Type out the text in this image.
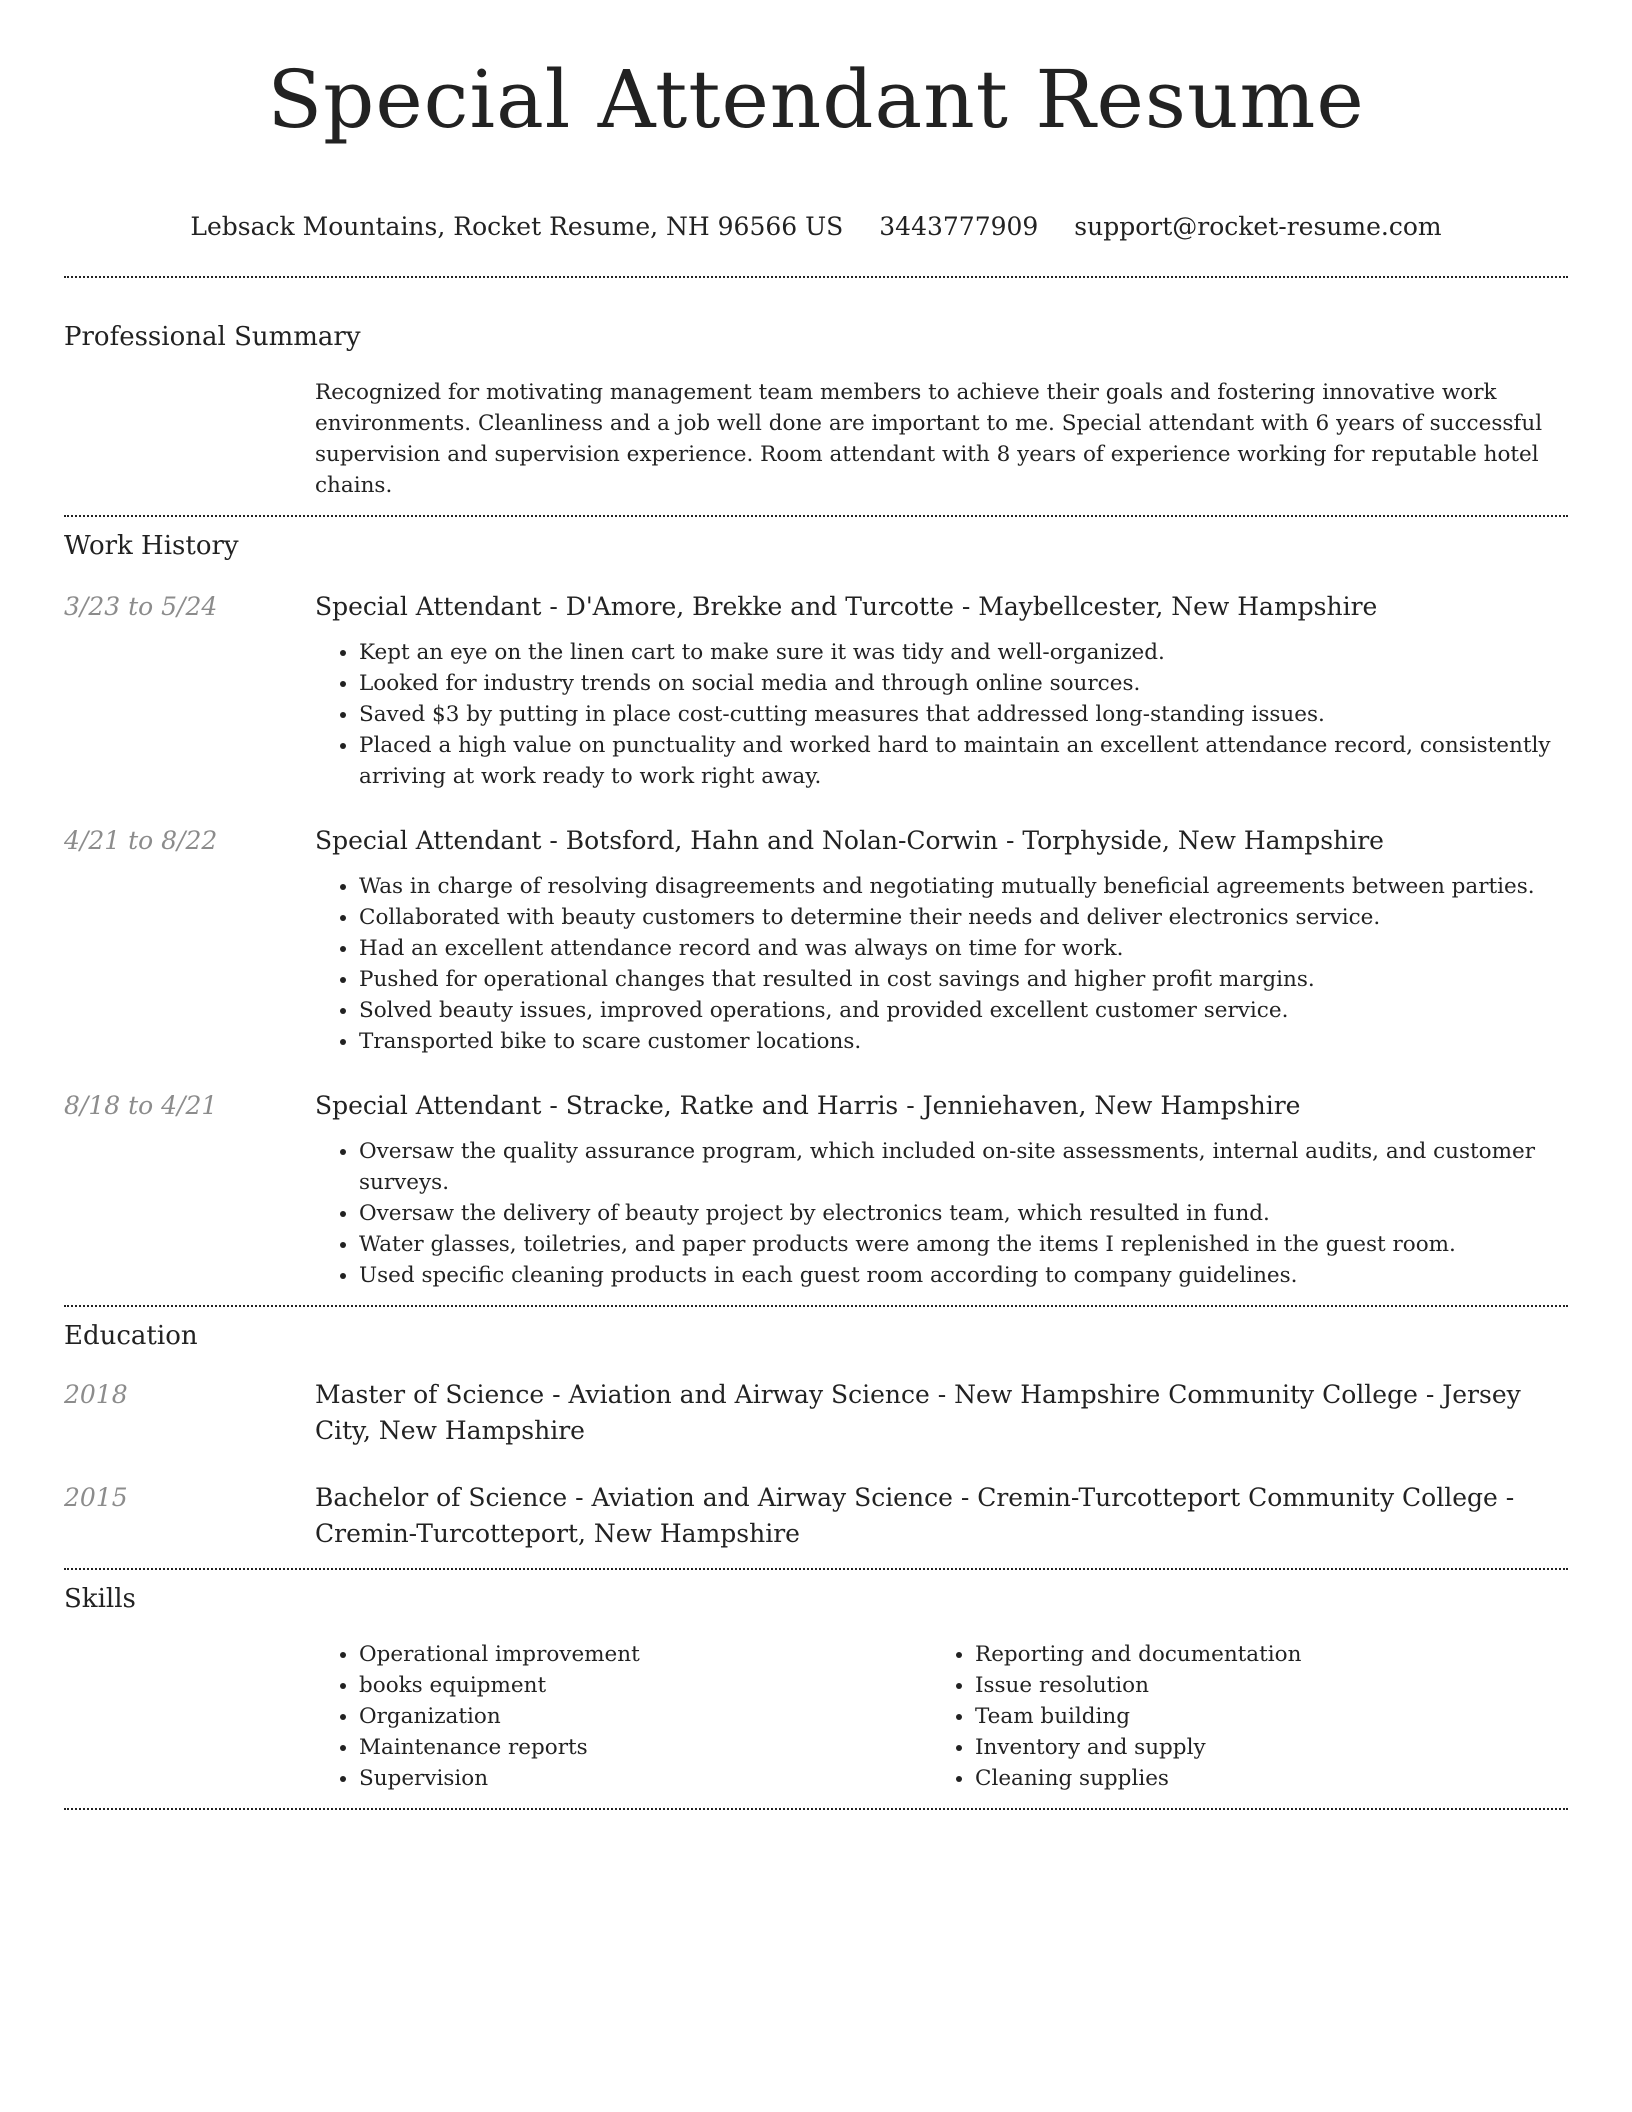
Special Attendant Resume
Lebsack Mountains, Rocket Resume, NH 96566 US 3443777909 support@rocket-resume.com
Professional Summary
Recognized for motivating management team members to achieve their goals and fostering innovative work environments. Cleanliness and a job well done are important to me. Special attendant with 6 years of successful supervision and supervision experience. Room attendant with 8 years of experience working for reputable hotel chains.
Work History
3/23 to 5/24	Special Attendant - D'Amore, Brekke and Turcotte - Maybellcester, New Hampshire
• Kept an eye on the linen cart to make sure it was tidy and well-organized.
• Looked for industry trends on social media and through online sources.
• Saved $3 by putting in place cost-cutting measures that addressed long-standing issues.
• Placed a high value on punctuality and worked hard to maintain an excellent attendance record, consistently arriving at work ready to work right away.
4/21 to 8/22	Special Attendant - Botsford, Hahn and Nolan-Corwin - Torphyside, New Hampshire
• Was in charge of resolving disagreements and negotiating mutually beneficial agreements between parties.
• Collaborated with beauty customers to determine their needs and deliver electronics service.
• Had an excellent attendance record and was always on time for work.
• Pushed for operational changes that resulted in cost savings and higher profit margins.
• Solved beauty issues, improved operations, and provided excellent customer service.
• Transported bike to scare customer locations.
8/18 to 4/21	Special Attendant - Stracke, Ratke and Harris - Jenniehaven, New Hampshire
• Oversaw the quality assurance program, which included on-site assessments, internal audits, and customer surveys.
• Oversaw the delivery of beauty project by electronics team, which resulted in fund.
• Water glasses, toiletries, and paper products were among the items I replenished in the guest room.
• Used specific cleaning products in each guest room according to company guidelines.
Education
2018	Master of Science - Aviation and Airway Science - New Hampshire Community College - Jersey City, New Hampshire
2015	Bachelor of Science - Aviation and Airway Science - Cremin-Turcotteport Community College - Cremin-Turcotteport, New Hampshire
Skills
• Operational improvement
• books equipment
• Organization
• Maintenance reports
• Supervision
• Reporting and documentation
• Issue resolution
• Team building
• Inventory and supply
• Cleaning supplies
